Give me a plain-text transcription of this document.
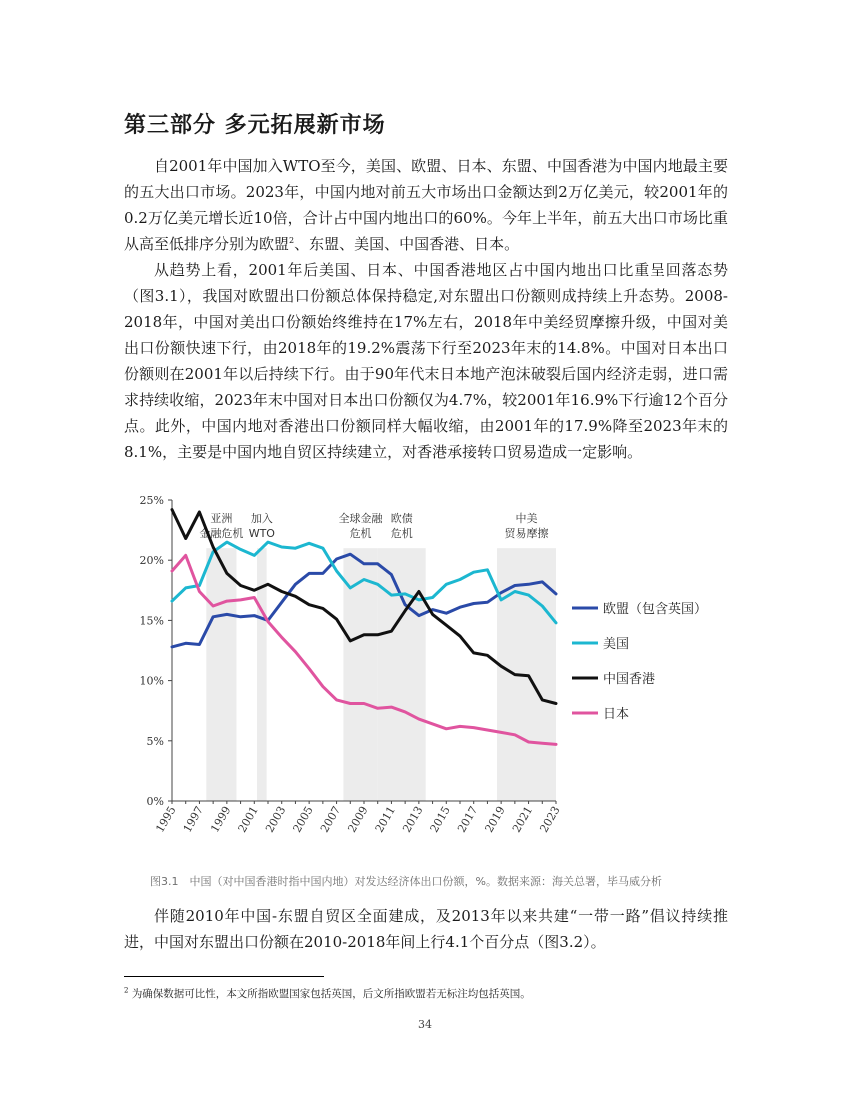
第三部分 多元拓展新市场

自2001年中国加入WTO至今，美国、欧盟、日本、东盟、中国香港为中国内地最主要的五大出口市场。2023年，中国内地对前五大市场出口金额达到2万亿美元，较2001年的0.2万亿美元增长近10倍，合计占中国内地出口的60%。今年上半年，前五大出口市场比重从高至低排序分别为欧盟$^2$、东盟、美国、中国香港、日本。

从趋势上看，2001年后美国、日本、中国香港地区占中国内地出口比重呈回落态势（图3.1），我国对欧盟出口份额总体保持稳定,对东盟出口份额则成持续上升态势。2008-2018年，中国对美出口份额始终维持在17%左右，2018年中美经贸摩擦升级，中国对美出口份额快速下行，由2018年的19.2%震荡下行至2023年末的14.8%。中国对日本出口份额则在2001年以后持续下行。由于90年代末日本地产泡沫破裂后国内经济走弱，进口需求持续收缩，2023年末中国对日本出口份额仅为4.7%，较2001年16.9%下行逾12个百分点。此外，中国内地对香港出口份额同样大幅收缩，由2001年的17.9%降至2023年末的8.1%，主要是中国内地自贸区持续建立，对香港承接转口贸易造成一定影响。

亚洲
金融危机
加入
WTO
全球金融
危机
欧债
危机
中美
贸易摩擦
0%
5%
10%
15%
20%
25%
1995 1997 1999 2001 2003 2005 2007 2009 2011 2013 2015 2017 2019 2021 2023
欧盟（包含英国）
美国
中国香港
日本

图3.1　中国（对中国香港时指中国内地）对发达经济体出口份额，%。数据来源：海关总署，毕马威分析

伴随2010年中国-东盟自贸区全面建成，及2013年以来共建“一带一路”倡议持续推进，中国对东盟出口份额在2010-2018年间上行4.1个百分点（图3.2）。

$^2$ 为确保数据可比性，本文所指欧盟国家包括英国，后文所指欧盟若无标注均包括英国。

34
